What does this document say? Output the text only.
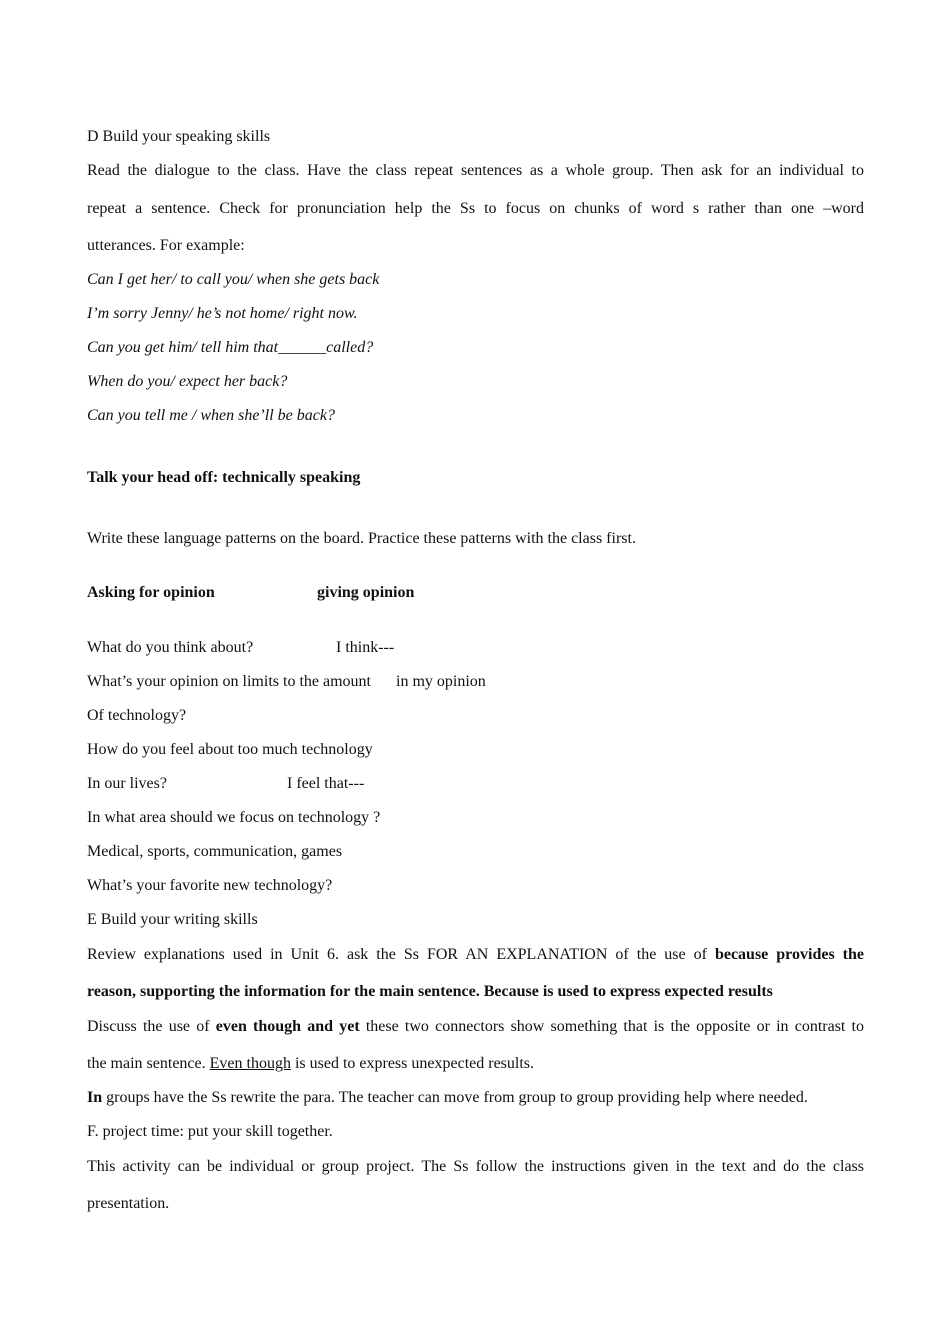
D Build your speaking skills
Read the dialogue to the class. Have the class repeat sentences as a whole group. Then ask for an individual to
repeat a sentence. Check for pronunciation help the Ss to focus on chunks of word s rather than one –word
utterances. For example:
Can I get her/ to call you/ when she gets back
I’m sorry Jenny/ he’s not home/ right now.
Can you get him/ tell him that______called?
When do you/ expect her back?
Can you tell me / when she’ll be back?
Talk your head off: technically speaking
Write these language patterns on the board. Practice these patterns with the class first.
Asking for opinion	giving opinion
What do you think about?	I think---
What’s your opinion on limits to the amount in my opinion
Of technology?
How do you feel about too much technology
In our lives?	I feel that---
In what area should we focus on technology ?
Medical, sports, communication, games
What’s your favorite new technology?
E Build your writing skills
Review explanations used in Unit 6. ask the Ss FOR AN EXPLANATION of the use of because provides the
reason, supporting the information for the main sentence. Because is used to express expected results
Discuss the use of even though and yet these two connectors show something that is the opposite or in contrast to
the main sentence. Even though is used to express unexpected results.
In groups have the Ss rewrite the para. The teacher can move from group to group providing help where needed.
F. project time: put your skill together.
This activity can be individual or group project. The Ss follow the instructions given in the text and do the class
presentation.
